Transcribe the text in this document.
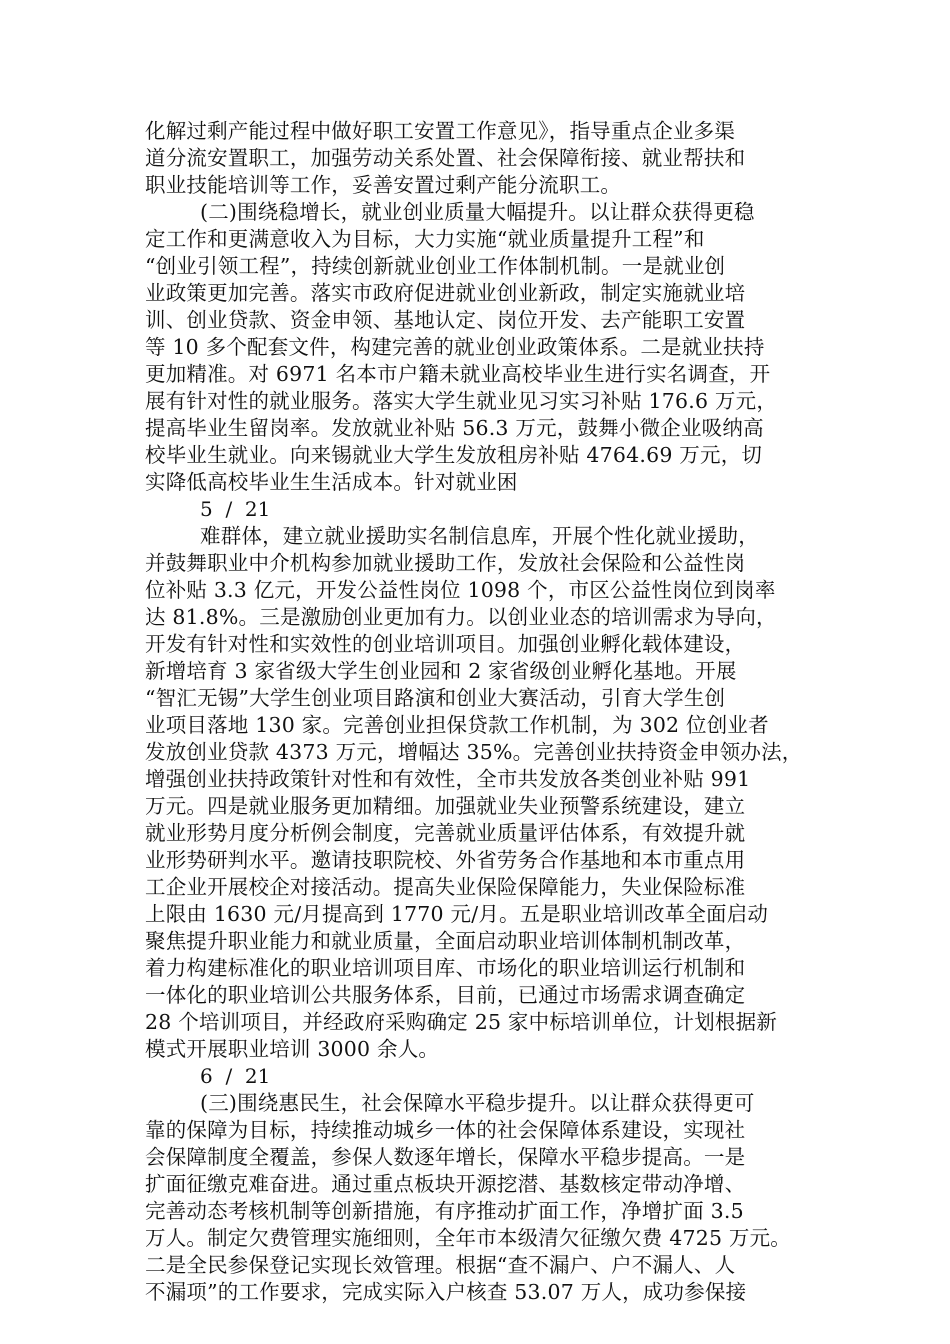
化解过剩产能过程中做好职工安置工作意见》，指导重点企业多渠
道分流安置职工，加强劳动关系处置、社会保障衔接、就业帮扶和
职业技能培训等工作，妥善安置过剩产能分流职工。
(二)围绕稳增长，就业创业质量大幅提升。以让群众获得更稳
定工作和更满意收入为目标，大力实施“就业质量提升工程”和
“创业引领工程”，持续创新就业创业工作体制机制。一是就业创
业政策更加完善。落实市政府促进就业创业新政，制定实施就业培
训、创业贷款、资金申领、基地认定、岗位开发、去产能职工安置
等 10 多个配套文件，构建完善的就业创业政策体系。二是就业扶持
更加精准。对 6971 名本市户籍未就业高校毕业生进行实名调查，开
展有针对性的就业服务。落实大学生就业见习实习补贴 176.6 万元，
提高毕业生留岗率。发放就业补贴 56.3 万元，鼓舞小微企业吸纳高
校毕业生就业。向来锡就业大学生发放租房补贴 4764.69 万元，切
实降低高校毕业生生活成本。针对就业困
5  /  21
难群体，建立就业援助实名制信息库，开展个性化就业援助，
并鼓舞职业中介机构参加就业援助工作，发放社会保险和公益性岗
位补贴 3.3 亿元，开发公益性岗位 1098 个，市区公益性岗位到岗率
达 81.8%。三是激励创业更加有力。以创业业态的培训需求为导向，
开发有针对性和实效性的创业培训项目。加强创业孵化载体建设，
新增培育 3 家省级大学生创业园和 2 家省级创业孵化基地。开展
“智汇无锡”大学生创业项目路演和创业大赛活动，引育大学生创
业项目落地 130 家。完善创业担保贷款工作机制，为 302 位创业者
发放创业贷款 4373 万元，增幅达 35%。完善创业扶持资金申领办法，
增强创业扶持政策针对性和有效性，全市共发放各类创业补贴 991
万元。四是就业服务更加精细。加强就业失业预警系统建设，建立
就业形势月度分析例会制度，完善就业质量评估体系，有效提升就
业形势研判水平。邀请技职院校、外省劳务合作基地和本市重点用
工企业开展校企对接活动。提高失业保险保障能力，失业保险标准
上限由 1630 元/月提高到 1770 元/月。五是职业培训改革全面启动
聚焦提升职业能力和就业质量，全面启动职业培训体制机制改革，
着力构建标准化的职业培训项目库、市场化的职业培训运行机制和
一体化的职业培训公共服务体系，目前，已通过市场需求调查确定
28 个培训项目，并经政府采购确定 25 家中标培训单位，计划根据新
模式开展职业培训 3000 余人。
6  /  21
(三)围绕惠民生，社会保障水平稳步提升。以让群众获得更可
靠的保障为目标，持续推动城乡一体的社会保障体系建设，实现社
会保障制度全覆盖，参保人数逐年增长，保障水平稳步提高。一是
扩面征缴克难奋进。通过重点板块开源挖潜、基数核定带动净增、
完善动态考核机制等创新措施，有序推动扩面工作，净增扩面 3.5
万人。制定欠费管理实施细则，全年市本级清欠征缴欠费 4725 万元。
二是全民参保登记实现长效管理。根据“查不漏户、户不漏人、人
不漏项”的工作要求，完成实际入户核查 53.07 万人，成功参保接
